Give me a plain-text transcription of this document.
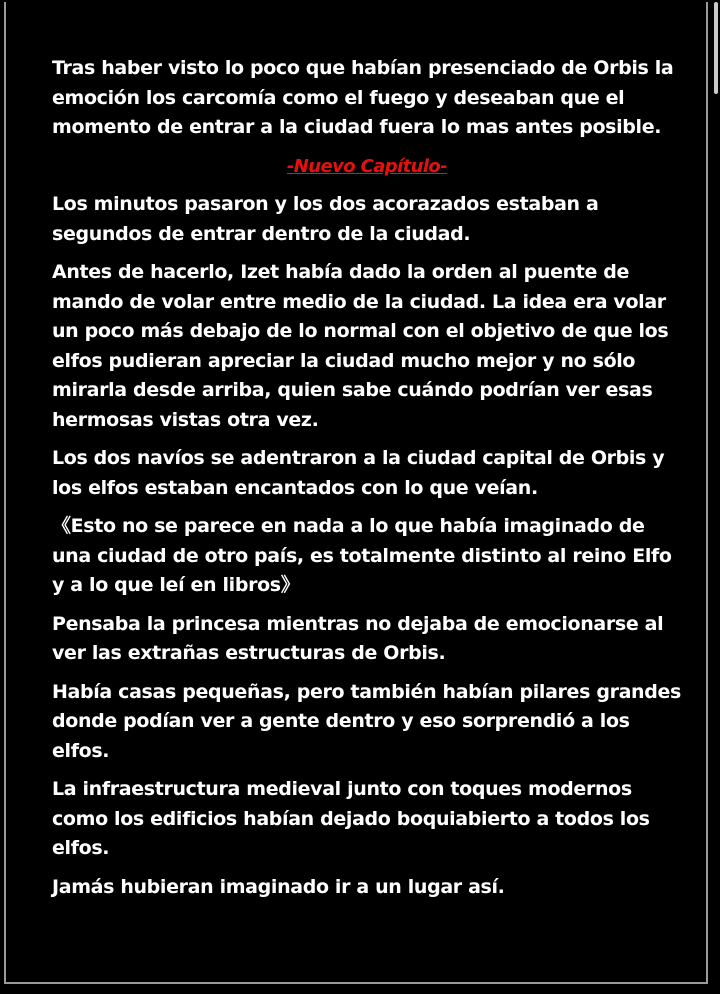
Tras haber visto lo poco que habían presenciado de Orbis la emoción los carcomía como el fuego y deseaban que el momento de entrar a la ciudad fuera lo mas antes posible.

-Nuevo Capítulo-

Los minutos pasaron y los dos acorazados estaban a segundos de entrar dentro de la ciudad.

Antes de hacerlo, Izet había dado la orden al puente de mando de volar entre medio de la ciudad. La idea era volar un poco más debajo de lo normal con el objetivo de que los elfos pudieran apreciar la ciudad mucho mejor y no sólo mirarla desde arriba, quien sabe cuándo podrían ver esas hermosas vistas otra vez.

Los dos navíos se adentraron a la ciudad capital de Orbis y los elfos estaban encantados con lo que veían.

《Esto no se parece en nada a lo que había imaginado de una ciudad de otro país, es totalmente distinto al reino Elfo y a lo que leí en libros》

Pensaba la princesa mientras no dejaba de emocionarse al ver las extrañas estructuras de Orbis.

Había casas pequeñas, pero también habían pilares grandes donde podían ver a gente dentro y eso sorprendió a los elfos.

La infraestructura medieval junto con toques modernos como los edificios habían dejado boquiabierto a todos los elfos.

Jamás hubieran imaginado ir a un lugar así.
